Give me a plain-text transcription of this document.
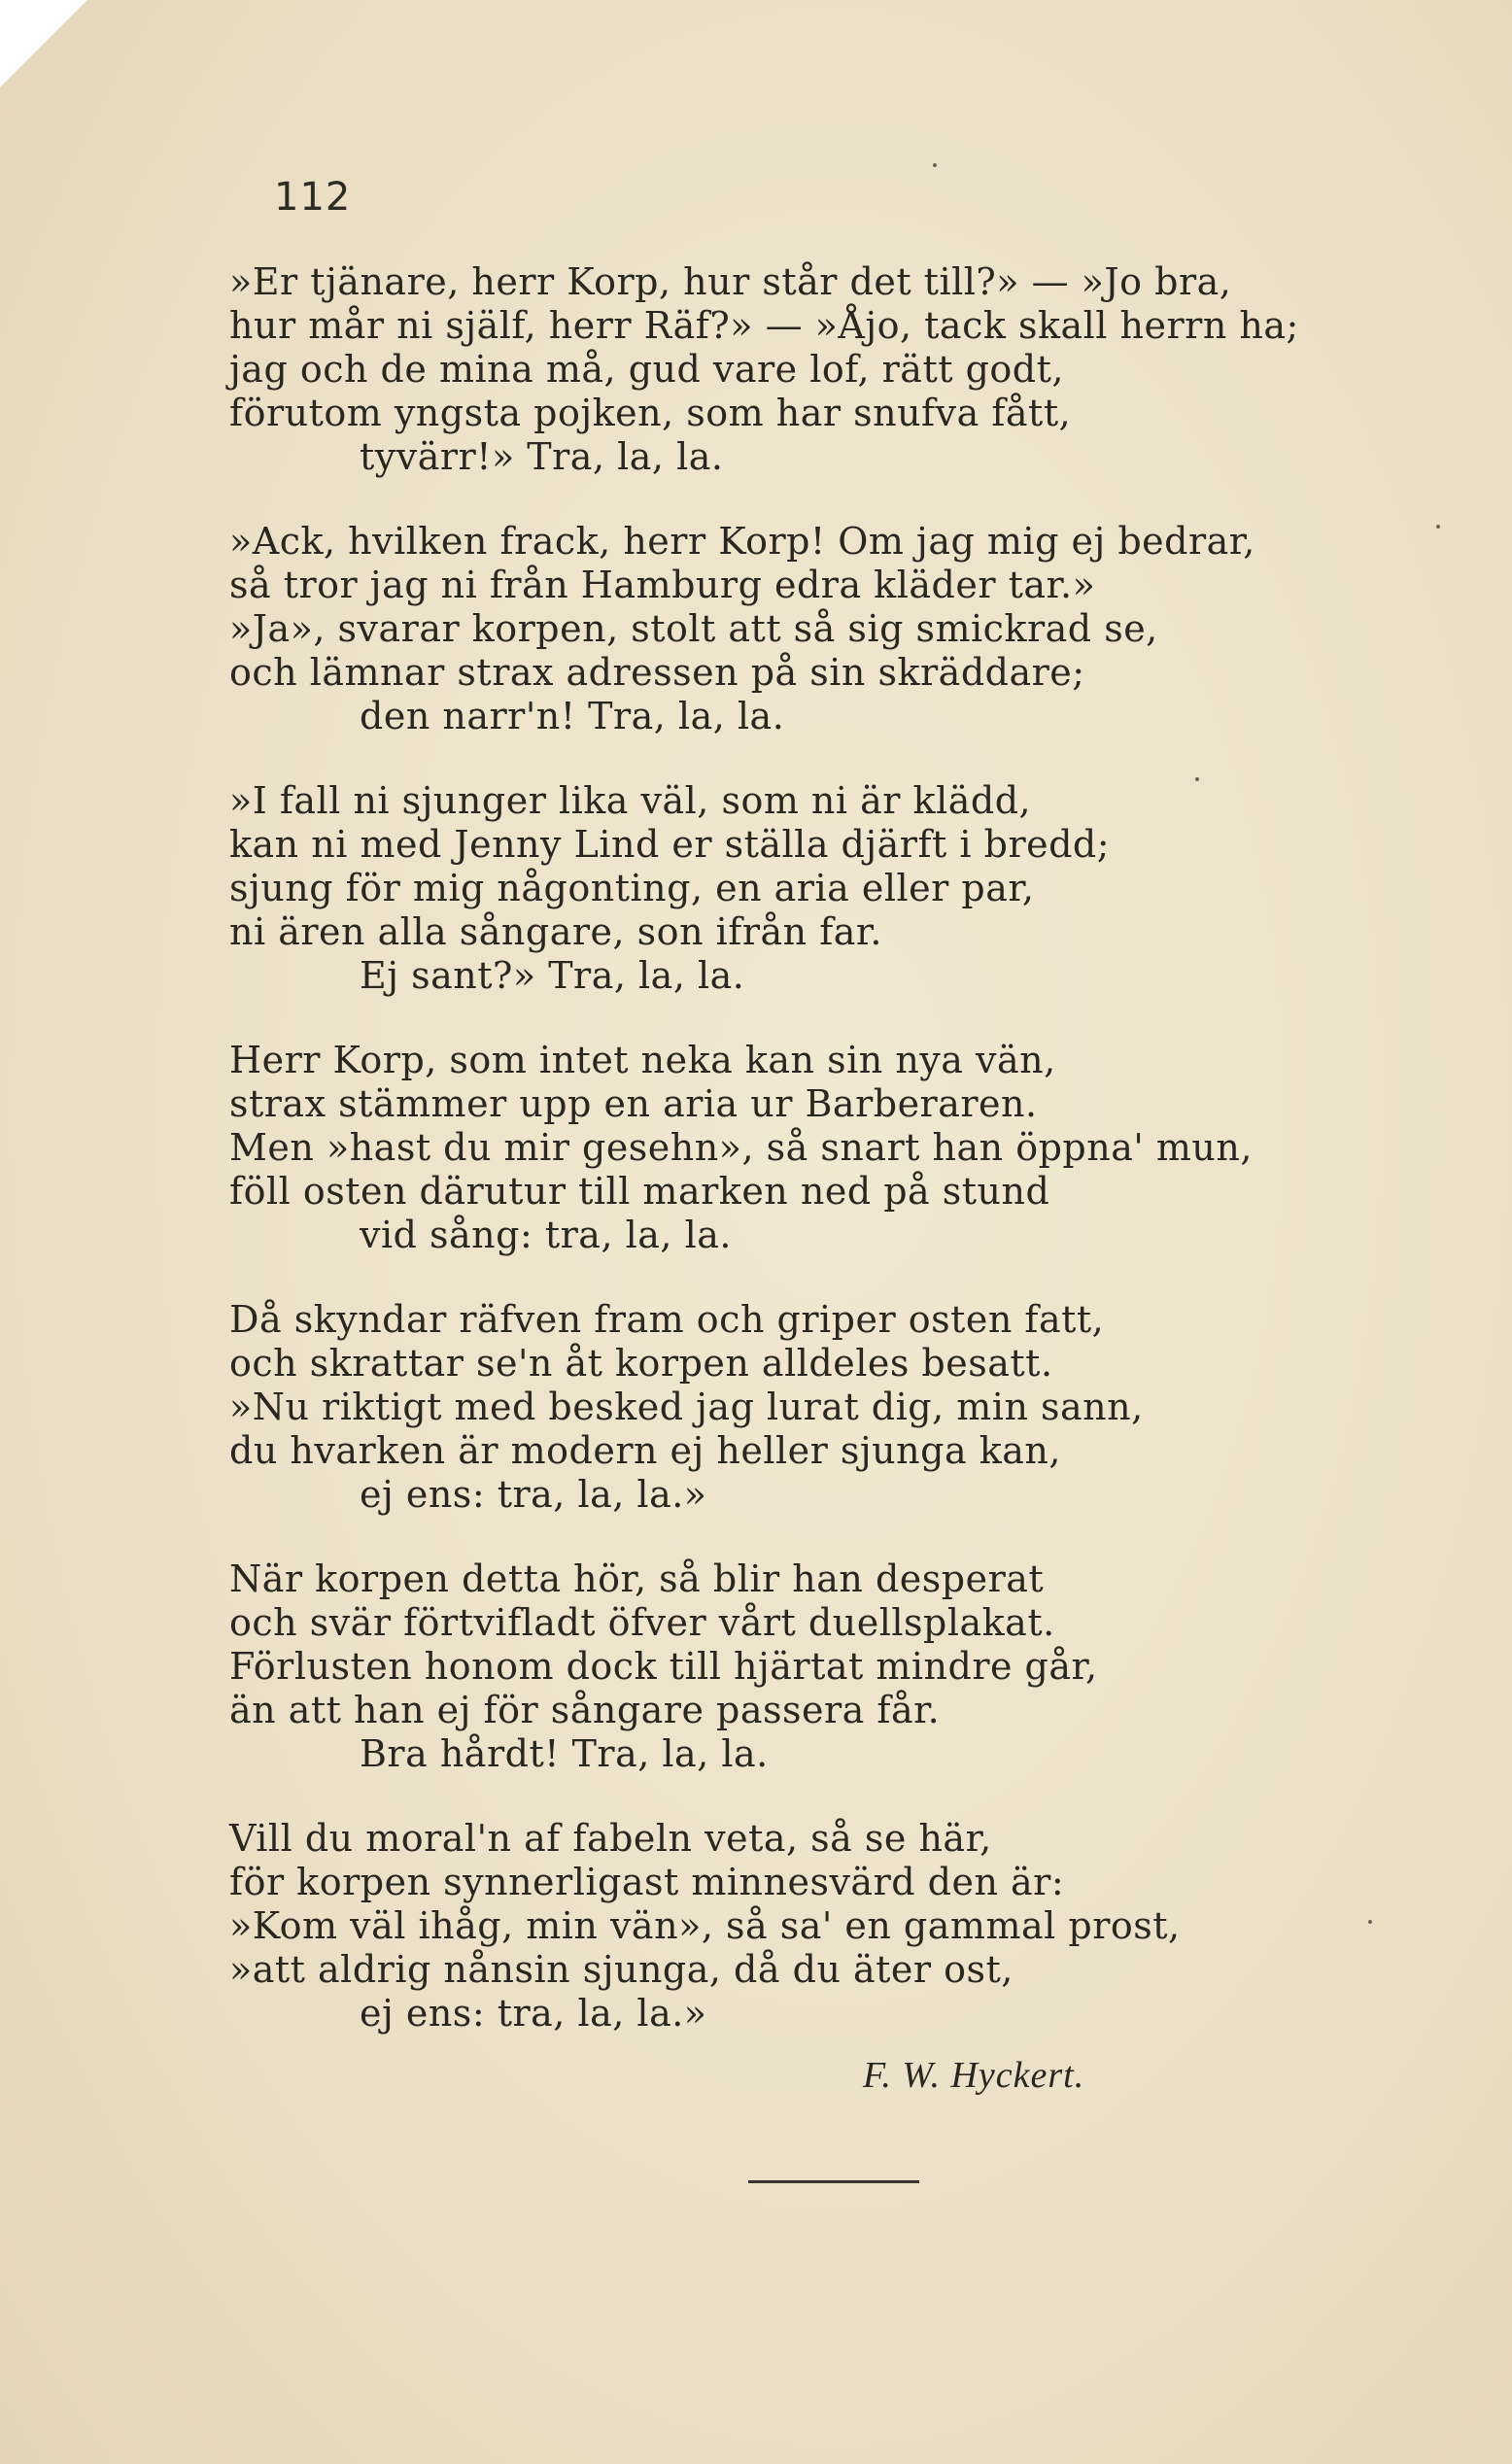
112
»Er tjänare, herr Korp, hur står det till?» — »Jo bra,
hur mår ni själf, herr Räf?» — »Åjo, tack skall herrn ha;
jag och de mina må, gud vare lof, rätt godt,
förutom yngsta pojken, som har snufva fått,
tyvärr!» Tra, la, la.
»Ack, hvilken frack, herr Korp! Om jag mig ej bedrar,
så tror jag ni från Hamburg edra kläder tar.»
»Ja», svarar korpen, stolt att så sig smickrad se,
och lämnar strax adressen på sin skräddare;
den narr'n! Tra, la, la.
»I fall ni sjunger lika väl, som ni är klädd,
kan ni med Jenny Lind er ställa djärft i bredd;
sjung för mig någonting, en aria eller par,
ni ären alla sångare, son ifrån far.
Ej sant?» Tra, la, la.
Herr Korp, som intet neka kan sin nya vän,
strax stämmer upp en aria ur Barberaren.
Men »hast du mir gesehn», så snart han öppna' mun,
föll osten därutur till marken ned på stund
vid sång: tra, la, la.
Då skyndar räfven fram och griper osten fatt,
och skrattar se'n åt korpen alldeles besatt.
»Nu riktigt med besked jag lurat dig, min sann,
du hvarken är modern ej heller sjunga kan,
ej ens: tra, la, la.»
När korpen detta hör, så blir han desperat
och svär förtvifladt öfver vårt duellsplakat.
Förlusten honom dock till hjärtat mindre går,
än att han ej för sångare passera får.
Bra hårdt! Tra, la, la.
Vill du moral'n af fabeln veta, så se här,
för korpen synnerligast minnesvärd den är:
»Kom väl ihåg, min vän», så sa' en gammal prost,
»att aldrig nånsin sjunga, då du äter ost,
ej ens: tra, la, la.»
F. W. Hyckert.
